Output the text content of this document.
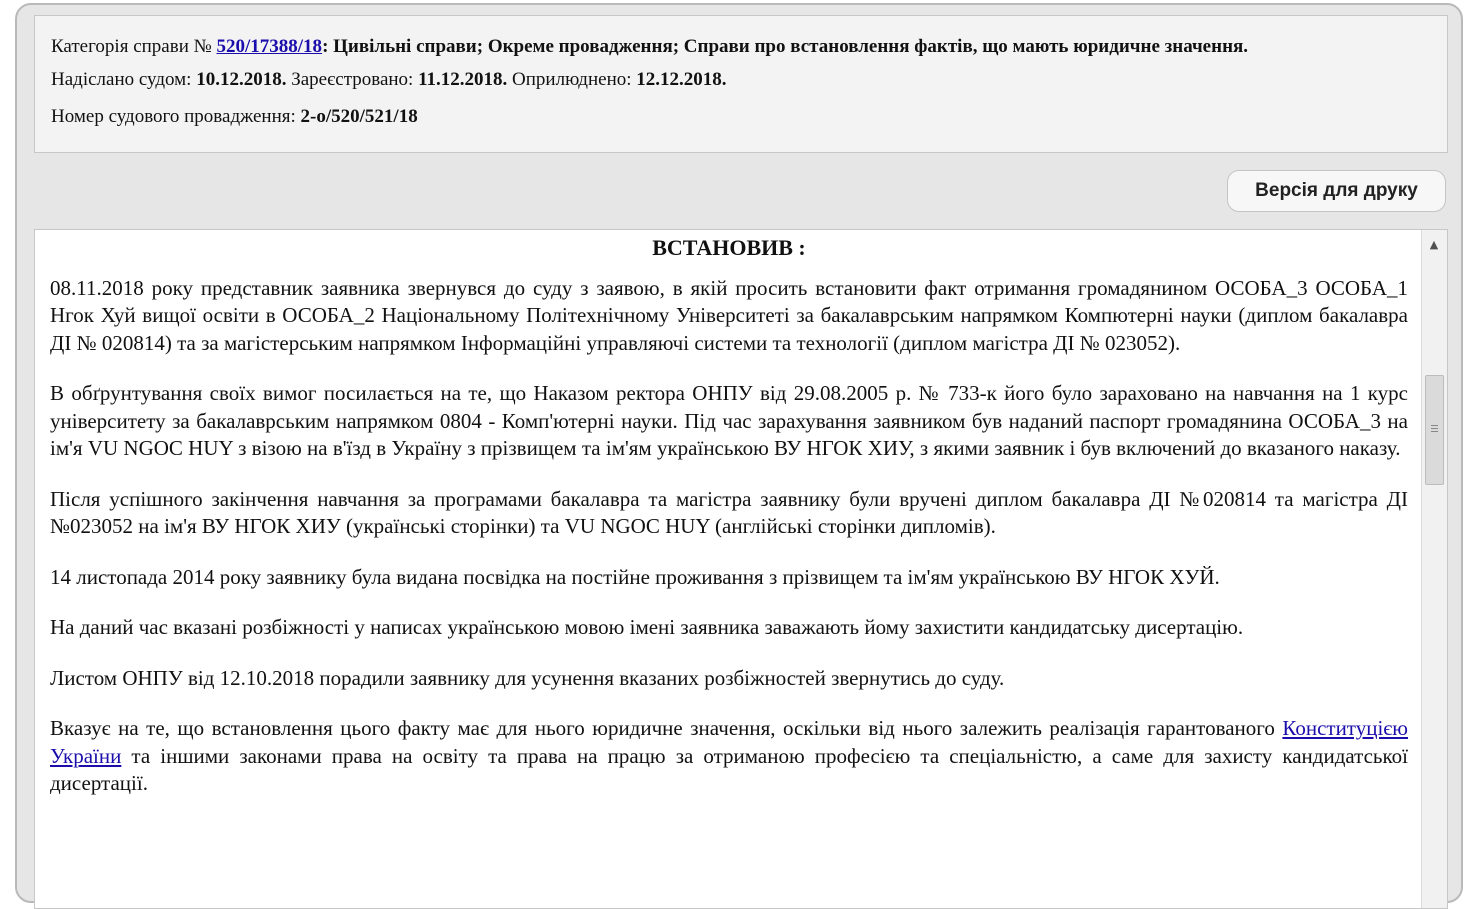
Категорія справи № 520/17388/18: Цивільні справи; Окреме провадження; Справи про встановлення фактів, що мають юридичне значення.
Надіслано судом: 10.12.2018. Зареєстровано: 11.12.2018. Оприлюднено: 12.12.2018.
Номер судового провадження: 2-о/520/521/18
Версія для друку
ВСТАНОВИВ :

08.11.2018 року представник заявника звернувся до суду з заявою, в якій просить встановити факт отримання громадянином ОСОБА_3 ОСОБА_1 Нгок Хуй вищої освіти в ОСОБА_2 Національному Політехнічному Університеті за бакалаврським напрямком Компютерні науки (диплом бакалавра ДІ № 020814) та за магістерським напрямком Інформаційні управляючі системи та технології (диплом магістра ДІ № 023052).

В обґрунтування своїх вимог посилається на те, що Наказом ректора ОНПУ від 29.08.2005 р. № 733-к його було зараховано на навчання на 1 курс університету за бакалаврським напрямком 0804 - Комп'ютерні науки. Під час зарахування заявником був наданий паспорт громадянина ОСОБА_3 на ім'я VU NGOC HUY з візою на в'їзд в Україну з прізвищем та ім'ям українською ВУ НГОК ХИУ, з якими заявник і був включений до вказаного наказу.

Після успішного закінчення навчання за програмами бакалавра та магістра заявнику були вручені диплом бакалавра ДІ №020814 та магістра ДІ №023052 на ім'я ВУ НГОК ХИУ (українські сторінки) та VU NGOC HUY (англійські сторінки дипломів).

14 листопада 2014 року заявнику була видана посвідка на постійне проживання з прізвищем та ім'ям українською ВУ НГОК ХУЙ.

На даний час вказані розбіжності у написах українською мовою імені заявника заважають йому захистити кандидатську дисертацію.

Листом ОНПУ від 12.10.2018 порадили заявнику для усунення вказаних розбіжностей звернутись до суду.

Вказує на те, що встановлення цього факту має для нього юридичне значення, оскільки від нього залежить реалізація гарантованого Конституцією України та іншими законами права на освіту та права на працю за отриманою професією та спеціальністю, а саме для захисту кандидатської дисертації.

▲
